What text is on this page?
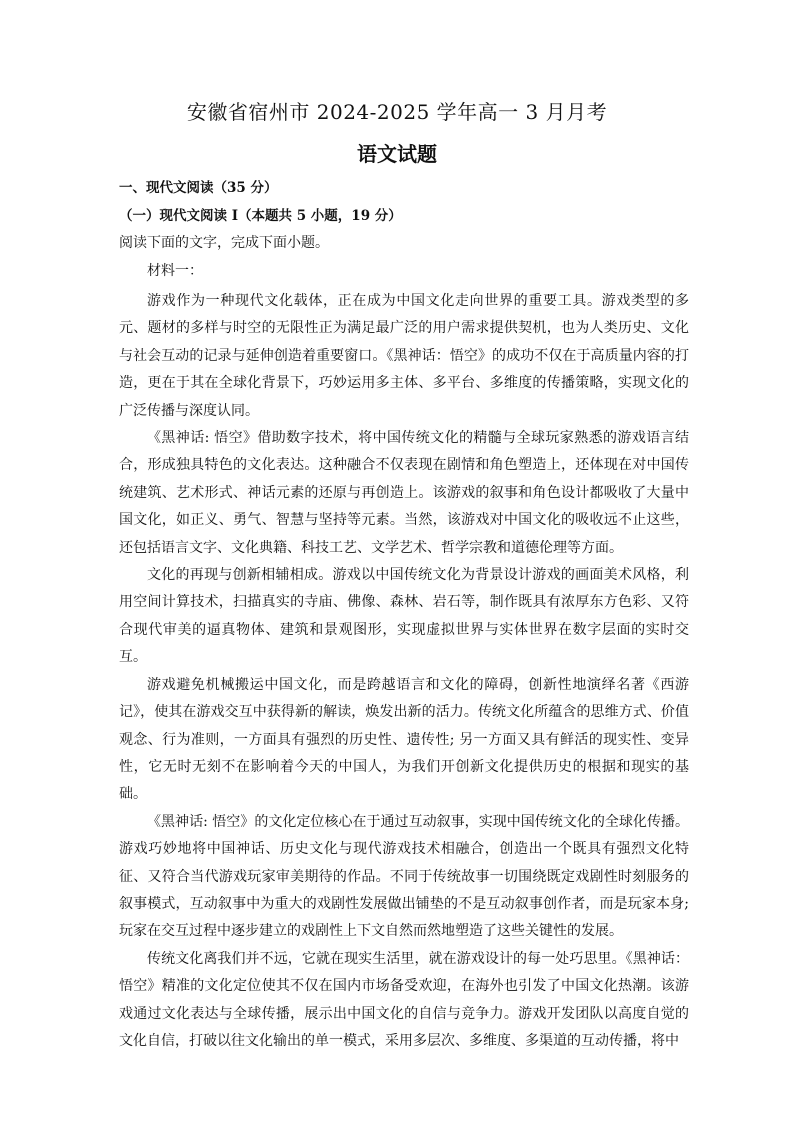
安徽省宿州市 2024-2025 学年高一 3 月月考
语文试题
一、现代文阅读（35 分）
（一）现代文阅读 I（本题共 5 小题，19 分）
阅读下面的文字，完成下面小题。
材料一：

游戏作为一种现代文化载体，正在成为中国文化走向世界的重要工具。游戏类型的多元、题材的多样与时空的无限性正为满足最广泛的用户需求提供契机，也为人类历史、文化与社会互动的记录与延伸创造着重要窗口。《黑神话：悟空》的成功不仅在于高质量内容的打造，更在于其在全球化背景下，巧妙运用多主体、多平台、多维度的传播策略，实现文化的广泛传播与深度认同。

《黑神话: 悟空》借助数字技术，将中国传统文化的精髓与全球玩家熟悉的游戏语言结合，形成独具特色的文化表达。这种融合不仅表现在剧情和角色塑造上，还体现在对中国传统建筑、艺术形式、神话元素的还原与再创造上。该游戏的叙事和角色设计都吸收了大量中国文化，如正义、勇气、智慧与坚持等元素。当然，该游戏对中国文化的吸收远不止这些，还包括语言文字、文化典籍、科技工艺、文学艺术、哲学宗教和道德伦理等方面。

文化的再现与创新相辅相成。游戏以中国传统文化为背景设计游戏的画面美术风格，利用空间计算技术，扫描真实的寺庙、佛像、森林、岩石等，制作既具有浓厚东方色彩、又符合现代审美的逼真物体、建筑和景观图形，实现虚拟世界与实体世界在数字层面的实时交互。

游戏避免机械搬运中国文化，而是跨越语言和文化的障碍，创新性地演绎名著《西游记》，使其在游戏交互中获得新的解读，焕发出新的活力。传统文化所蕴含的思维方式、价值观念、行为准则，一方面具有强烈的历史性、遗传性; 另一方面又具有鲜活的现实性、变异性，它无时无刻不在影响着今天的中国人，为我们开创新文化提供历史的根据和现实的基础。

《黑神话: 悟空》的文化定位核心在于通过互动叙事，实现中国传统文化的全球化传播。游戏巧妙地将中国神话、历史文化与现代游戏技术相融合，创造出一个既具有强烈文化特征、又符合当代游戏玩家审美期待的作品。不同于传统故事一切围绕既定戏剧性时刻服务的叙事模式，互动叙事中为重大的戏剧性发展做出铺垫的不是互动叙事创作者，而是玩家本身; 玩家在交互过程中逐步建立的戏剧性上下文自然而然地塑造了这些关键性的发展。

传统文化离我们并不远，它就在现实生活里，就在游戏设计的每一处巧思里。《黑神话：悟空》精准的文化定位使其不仅在国内市场备受欢迎，在海外也引发了中国文化热潮。该游戏通过文化表达与全球传播，展示出中国文化的自信与竞争力。游戏开发团队以高度自觉的文化自信，打破以往文化输出的单一模式，采用多层次、多维度、多渠道的互动传播，将中
